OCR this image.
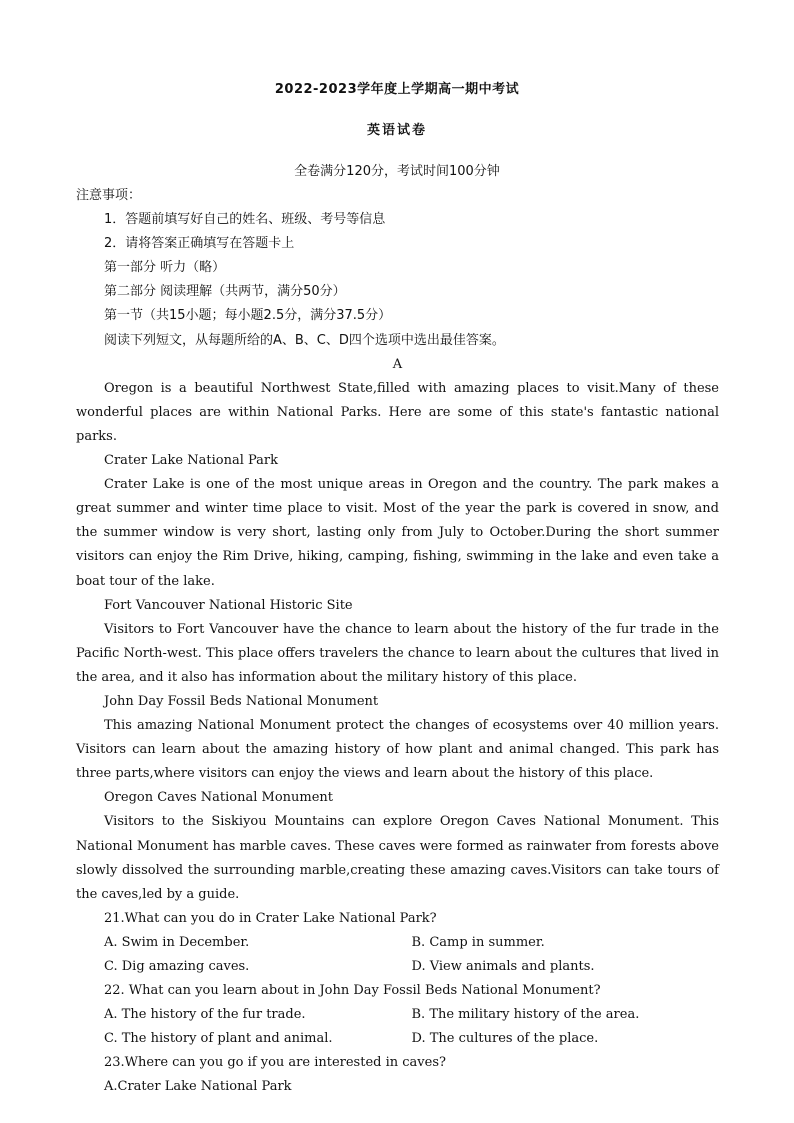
2022-2023学年度上学期高一期中考试
英语试卷
全卷满分120分，考试时间100分钟
注意事项：
1．答题前填写好自己的姓名、班级、考号等信息
2．请将答案正确填写在答题卡上
第一部分 听力（略）
第二部分 阅读理解（共两节，满分50分）
第一节（共15小题；每小题2.5分，满分37.5分）
阅读下列短文，从每题所给的A、B、C、D四个选项中选出最佳答案。
A
Oregon is a beautiful Northwest State,filled with amazing places to visit.Many of these wonderful places are within National Parks. Here are some of this state's fantastic national parks.
Crater Lake National Park
Crater Lake is one of the most unique areas in Oregon and the country. The park makes a great summer and winter time place to visit. Most of the year the park is covered in snow, and the summer window is very short, lasting only from July to October.During the short summer visitors can enjoy the Rim Drive, hiking, camping, fishing, swimming in the lake and even take a boat tour of the lake.
Fort Vancouver National Historic Site
Visitors to Fort Vancouver have the chance to learn about the history of the fur trade in the Pacific North-west. This place offers travelers the chance to learn about the cultures that lived in the area, and it also has information about the military history of this place.
John Day Fossil Beds National Monument
This amazing National Monument protect the changes of ecosystems over 40 million years. Visitors can learn about the amazing history of how plant and animal changed. This park has three parts,where visitors can enjoy the views and learn about the history of this place.
Oregon Caves National Monument
Visitors to the Siskiyou Mountains can explore Oregon Caves National Monument. This National Monument has marble caves. These caves were formed as rainwater from forests above slowly dissolved the surrounding marble,creating these amazing caves.Visitors can take tours of the caves,led by a guide.
21.What can you do in Crater Lake National Park?
A. Swim in December.	B. Camp in summer.
C. Dig amazing caves.	D. View animals and plants.
22. What can you learn about in John Day Fossil Beds National Monument?
A. The history of the fur trade.	B. The military history of the area.
C. The history of plant and animal.	D. The cultures of the place.
23.Where can you go if you are interested in caves?
A.Crater Lake National Park
